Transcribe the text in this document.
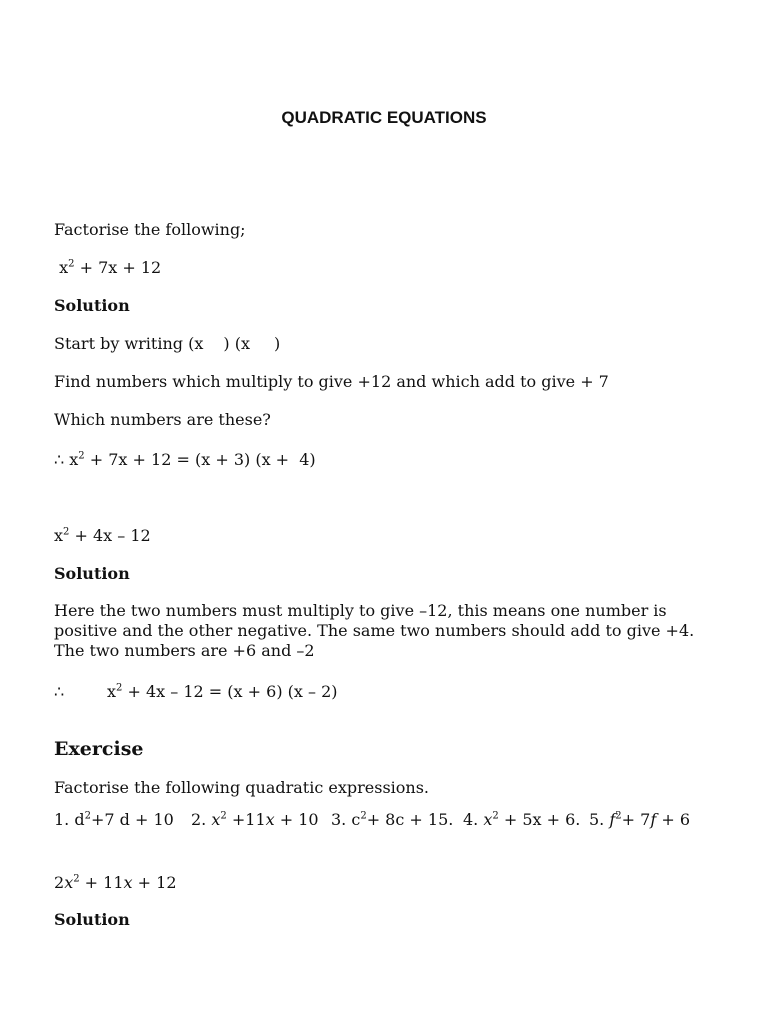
QUADRATIC EQUATIONS

Factorise the following;

$x^2 + 7x + 12$

Solution

Start by writing (x ) (x )

Find numbers which multiply to give +12 and which add to give + 7

Which numbers are these?

∴ $x^2 + 7x + 12 = (x + 3) (x + 4)$

$x^2 + 4x - 12$

Solution

Here the two numbers must multiply to give –12, this means one number is positive and the other negative. The same two numbers should add to give +4. The two numbers are +6 and –2

∴	$x^2 + 4x - 12 = (x + 6)$ (x – 2)

Exercise

Factorise the following quadratic expressions.

1. $d^2+7$ d + 10 2. $x^2 +11x + 10$ 3. $c^2+ 8c + 15$. 4. $x^2 + 5x + 6$. 5. $f^2+ 7f + 6$

$2x^2 + 11x + 12$

Solution
